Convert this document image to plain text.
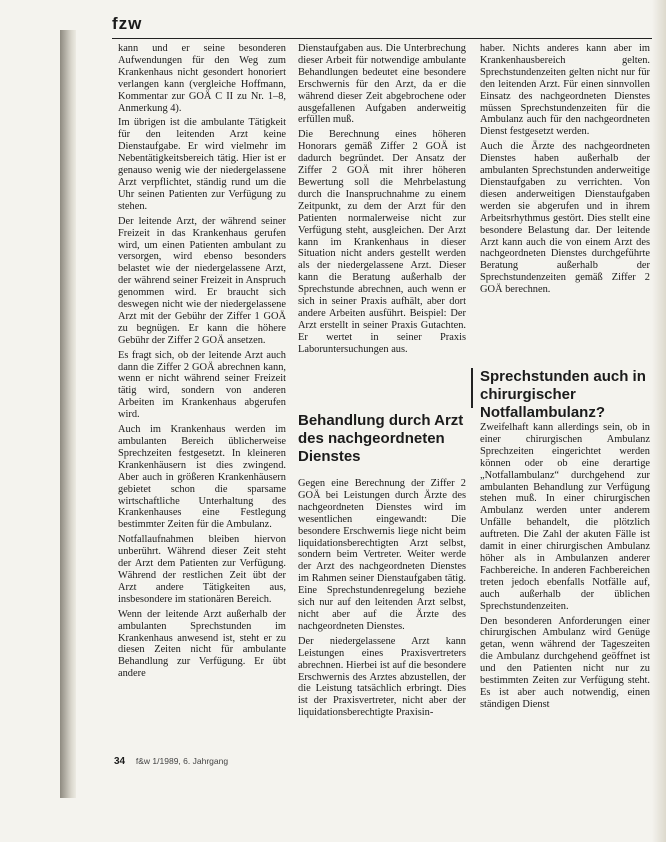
fzw

kann und er seine besonderen Aufwendungen für den Weg zum Krankenhaus nicht gesondert honoriert verlangen kann (vergleiche Hoffmann, Kommentar zur GOÄ C II zu Nr. 1–8, Anmerkung 4).

Im übrigen ist die ambulante Tätigkeit für den leitenden Arzt keine Dienstaufgabe. Er wird vielmehr im Nebentätigkeitsbereich tätig. Hier ist er genauso wenig wie der niedergelassene Arzt verpflichtet, ständig rund um die Uhr seinen Patienten zur Verfügung zu stehen.

Der leitende Arzt, der während seiner Freizeit in das Krankenhaus gerufen wird, um einen Patienten ambulant zu versorgen, wird ebenso besonders belastet wie der niedergelassene Arzt, der während seiner Freizeit in Anspruch genommen wird. Er braucht sich deswegen nicht wie der niedergelassene Arzt mit der Gebühr der Ziffer 1 GOÄ zu begnügen. Er kann die höhere Gebühr der Ziffer 2 GOÄ ansetzen.

Es fragt sich, ob der leitende Arzt auch dann die Ziffer 2 GOÄ abrechnen kann, wenn er nicht während seiner Freizeit tätig wird, sondern von anderen Arbeiten im Krankenhaus abgerufen wird.

Auch im Krankenhaus werden im ambulanten Bereich üblicherweise Sprechzeiten festgesetzt. In kleineren Krankenhäusern ist dies zwingend. Aber auch in größeren Krankenhäusern gebietet schon die sparsame wirtschaftliche Unterhaltung des Krankenhauses eine Festlegung bestimmter Zeiten für die Ambulanz.

Notfallaufnahmen bleiben hiervon unberührt. Während dieser Zeit steht der Arzt dem Patienten zur Verfügung. Während der restlichen Zeit übt der Arzt andere Tätigkeiten aus, insbesondere im stationären Bereich.

Wenn der leitende Arzt außerhalb der ambulanten Sprechstunden im Krankenhaus anwesend ist, steht er zu diesen Zeiten nicht für ambulante Behandlung zur Verfügung. Er übt andere

Dienstaufgaben aus. Die Unterbrechung dieser Arbeit für notwendige ambulante Behandlungen bedeutet eine besondere Erschwernis für den Arzt, da er die während dieser Zeit abgebrochene oder ausgefallenen Aufgaben anderweitig erfüllen muß.

Die Berechnung eines höheren Honorars gemäß Ziffer 2 GOÄ ist dadurch begründet. Der Ansatz der Ziffer 2 GOÄ mit ihrer höheren Bewertung soll die Mehrbelastung durch die Inanspruchnahme zu einem Zeitpunkt, zu dem der Arzt für den Patienten normalerweise nicht zur Verfügung steht, ausgleichen. Der Arzt kann im Krankenhaus in dieser Situation nicht anders gestellt werden als der niedergelassene Arzt. Dieser kann die Beratung außerhalb der Sprechstunde abrechnen, auch wenn er sich in seiner Praxis aufhält, aber dort andere Arbeiten ausführt. Beispiel: Der Arzt erstellt in seiner Praxis Gutachten. Er wertet in seiner Praxis Laboruntersuchungen aus.

Behandlung durch Arzt des nachgeordneten Dienstes

Gegen eine Berechnung der Ziffer 2 GOÄ bei Leistungen durch Ärzte des nachgeordneten Dienstes wird im wesentlichen eingewandt: Die besondere Erschwernis liege nicht beim liquidationsberechtigten Arzt selbst, sondern beim Vertreter. Weiter werde der Arzt des nachgeordneten Dienstes im Rahmen seiner Dienstaufgaben tätig. Eine Sprechstundenregelung beziehe sich nur auf den leitenden Arzt selbst, nicht aber auf die Ärzte des nachgeordneten Dienstes.

Der niedergelassene Arzt kann Leistungen eines Praxisvertreters abrechnen. Hierbei ist auf die besondere Erschwernis des Arztes abzustellen, der die Leistung tatsächlich erbringt. Dies ist der Praxisvertreter, nicht aber der liquidationsberechtigte Praxisin-

haber. Nichts anderes kann aber im Krankenhausbereich gelten. Sprechstundenzeiten gelten nicht nur für den leitenden Arzt. Für einen sinnvollen Einsatz des nachgeordneten Dienstes müssen Sprechstundenzeiten für die Ambulanz auch für den nachgeordneten Dienst festgesetzt werden.

Auch die Ärzte des nachgeordneten Dienstes haben außerhalb der ambulanten Sprechstunden anderweitige Dienstaufgaben zu verrichten. Von diesen anderweitigen Dienstaufgaben werden sie abgerufen und in ihrem Arbeitsrhythmus gestört. Dies stellt eine besondere Belastung dar. Der leitende Arzt kann auch die von einem Arzt des nachgeordneten Dienstes durchgeführte Beratung außerhalb der Sprechstundenzeiten gemäß Ziffer 2 GOÄ berechnen.

Sprechstunden auch in chirurgischer Notfallambulanz?

Zweifelhaft kann allerdings sein, ob in einer chirurgischen Ambulanz Sprechzeiten eingerichtet werden können oder ob eine derartige „Notfallambulanz“ durchgehend zur ambulanten Behandlung zur Verfügung stehen muß. In einer chirurgischen Ambulanz werden unter anderem Unfälle behandelt, die plötzlich auftreten. Die Zahl der akuten Fälle ist damit in einer chirurgischen Ambulanz höher als in Ambulanzen anderer Fachbereiche. In anderen Fachbereichen treten jedoch ebenfalls Notfälle auf, auch außerhalb der üblichen Sprechstundenzeiten.

Den besonderen Anforderungen einer chirurgischen Ambulanz wird Genüge getan, wenn während der Tageszeiten die Ambulanz durchgehend geöffnet ist und den Patienten nicht nur zu bestimmten Zeiten zur Verfügung steht. Es ist aber auch notwendig, einen ständigen Dienst

34 f&w 1/1989, 6. Jahrgang
